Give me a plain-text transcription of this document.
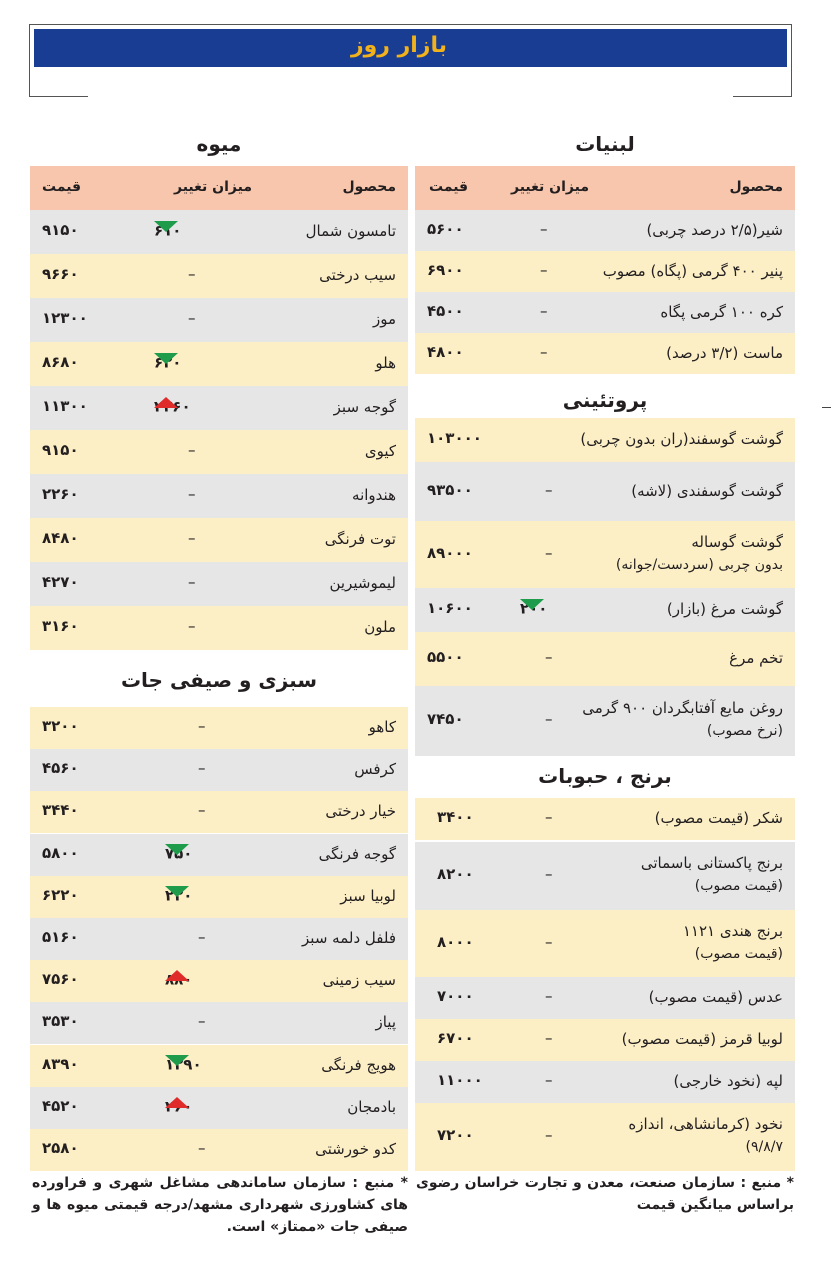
بازار روز
لبنیات
محصول
میزان تغییر
قیمت
شیر(۲/۵ درصد چربی)
–
۵۶۰۰
پنیر ۴۰۰ گرمی (پگاه) مصوب
–
۶۹۰۰
کره ۱۰۰ گرمی پگاه
–
۴۵۰۰
ماست (۳/۲ درصد)
–
۴۸۰۰
پروتئینی
گوشت گوسفند(ران بدون چربی)
۱۰۳۰۰۰
گوشت گوسفندی (لاشه)
–
۹۳۵۰۰
گوشت گوساله
(سردست/جوانه) بدون چربی
–
۸۹۰۰۰
گوشت مرغ (بازار)
۲۰۰
۱۰۶۰۰
تخم مرغ
–
۵۵۰۰
روغن مایع آفتابگردان ۹۰۰ گرمی
(نرخ مصوب)
–
۷۴۵۰
برنج ، حبوبات
شکر (قیمت مصوب)
–
۳۴۰۰
برنج پاکستانی باسماتی
(قیمت مصوب)
–
۸۲۰۰
برنج هندی ۱۱۲۱
(قیمت مصوب)
–
۸۰۰۰
عدس (قیمت مصوب)
–
۷۰۰۰
لوبیا قرمز (قیمت مصوب)
–
۶۷۰۰
لپه (نخود خارجی)
–
۱۱۰۰۰
نخود (کرمانشاهی، اندازه
(۹/۸/۷
–
۷۲۰۰
* منبع : سازمان صنعت، معدن و تجارت خراسان رضوی براساس میانگین قیمت
میوه
محصول
میزان تغییر
قیمت
تامسون شمال
۶۱۰
۹۱۵۰
سیب درختی
–
۹۶۶۰
موز
–
۱۲۳۰۰
هلو
۶۲۰
۸۶۸۰
گوجه سبز
۲۲۶۰
۱۱۳۰۰
کیوی
–
۹۱۵۰
هندوانه
–
۲۲۶۰
توت فرنگی
–
۸۴۸۰
لیموشیرین
–
۴۲۷۰
ملون
–
۳۱۶۰
سبزی و صیفی جات
کاهو
–
۳۲۰۰
کرفس
–
۴۵۶۰
خیار درختی
–
۳۴۴۰
گوجه فرنگی
۷۵۰
۵۸۰۰
لوبیا سبز
۲۲۰
۶۲۲۰
فلفل دلمه سبز
–
۵۱۶۰
سیب زمینی
۸۸۰
۷۵۶۰
پیاز
–
۳۵۳۰
هویج فرنگی
۱۲۹۰
۸۳۹۰
بادمجان
۲۶۰
۴۵۲۰
کدو خورشتی
–
۲۵۸۰
* منبع : سازمان ساماندهی مشاغل شهری و فراورده های کشاورزی شهرداری مشهد/درجه قیمتی میوه ها و صیفی جات «ممتاز» است.
